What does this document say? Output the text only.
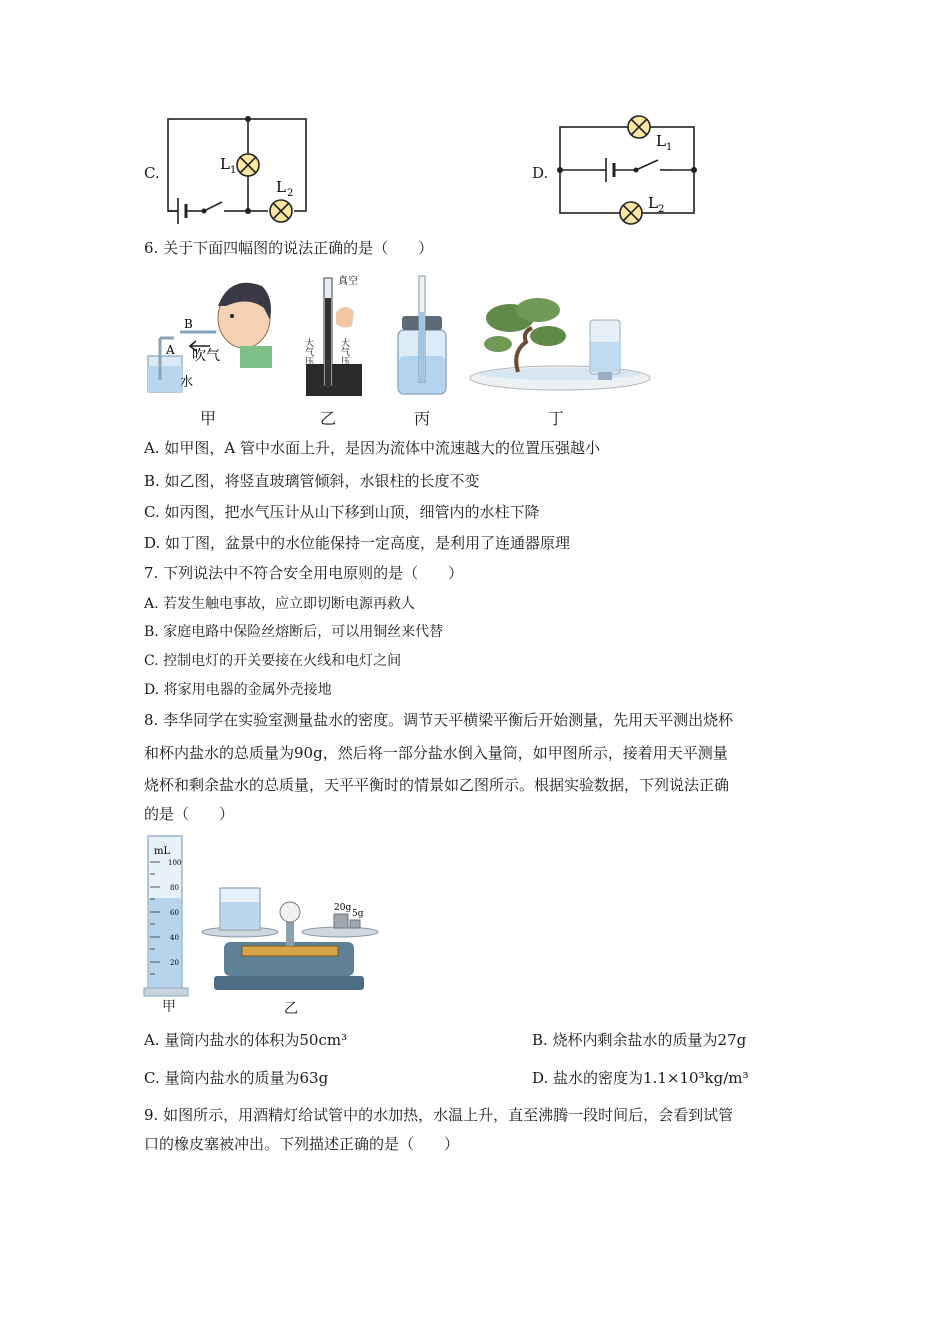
C.	L 1
L 2
D.
L 1
L 2
6. 关于下面四幅图的说法正确的是（　　）
B
A 吹气
水
甲
真空
大气压	大气压
乙	丙	丁
A. 如甲图，A 管中水面上升，是因为流体中流速越大的位置压强越小
B. 如乙图，将竖直玻璃管倾斜，水银柱的长度不变
C. 如丙图，把水气压计从山下移到山顶，细管内的水柱下降
D. 如丁图，盆景中的水位能保持一定高度，是利用了连通器原理
7. 下列说法中不符合安全用电原则的是（　　）
A. 若发生触电事故，应立即切断电源再救人
B. 家庭电路中保险丝熔断后，可以用铜丝来代替
C. 控制电灯的开关要接在火线和电灯之间
D. 将家用电器的金属外壳接地
8. 李华同学在实验室测量盐水的密度。调节天平横梁平衡后开始测量，先用天平测出烧杯
和杯内盐水的总质量为90g，然后将一部分盐水倒入量筒，如甲图所示，接着用天平测量
烧杯和剩余盐水的总质量，天平平衡时的情景如乙图所示。根据实验数据，下列说法正确
的是（　　）
mL
100
80
60
40
20
甲
20g
5g
乙
A. 量筒内盐水的体积为50cm³	B. 烧杯内剩余盐水的质量为27g
C. 量筒内盐水的质量为63g	D. 盐水的密度为1.1×10³kg/m³
9. 如图所示，用酒精灯给试管中的水加热，水温上升，直至沸腾一段时间后，会看到试管
口的橡皮塞被冲出。下列描述正确的是（　　）
